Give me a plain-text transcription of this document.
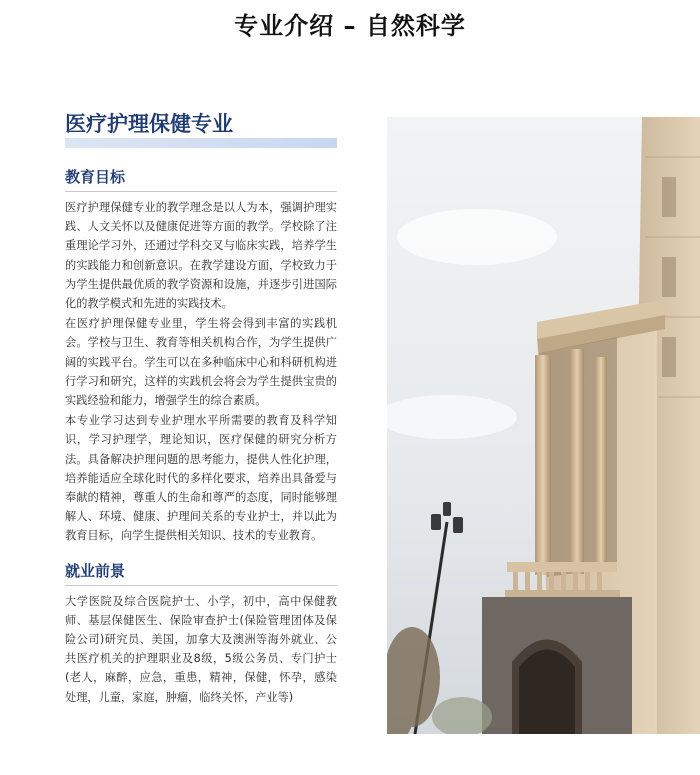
专业介绍 – 自然科学
医疗护理保健专业
教育目标

医疗护理保健专业的教学理念是以人为本，强调护理实践、人文关怀以及健康促进等方面的教学。学校除了注重理论学习外，还通过学科交叉与临床实践，培养学生的实践能力和创新意识。在教学建设方面，学校致力于为学生提供最优质的教学资源和设施，并逐步引进国际化的教学模式和先进的实践技术。

在医疗护理保健专业里，学生将会得到丰富的实践机会。学校与卫生、教育等相关机构合作，为学生提供广阔的实践平台。学生可以在多种临床中心和科研机构进行学习和研究，这样的实践机会将会为学生提供宝贵的实践经验和能力，增强学生的综合素质。

本专业学习达到专业护理水平所需要的教育及科学知识，学习护理学，理论知识，医疗保健的研究分析方法。具备解决护理问题的思考能力，提供人性化护理，培养能适应全球化时代的多样化要求，培养出具备爱与奉献的精神，尊重人的生命和尊严的态度，同时能够理解人、环境、健康、护理间关系的专业护士，并以此为教育目标，向学生提供相关知识、技术的专业教育。

就业前景

大学医院及综合医院护士、小学，初中，高中保健教师、基层保健医生、保险审查护士(保险管理团体及保险公司)研究员、美国，加拿大及澳洲等海外就业、公共医疗机关的护理职业及8级，5级公务员、专门护士(老人，麻醉，应急，重患，精神，保健，怀孕，感染处理，儿童，家庭，肿瘤，临终关怀，产业等)
